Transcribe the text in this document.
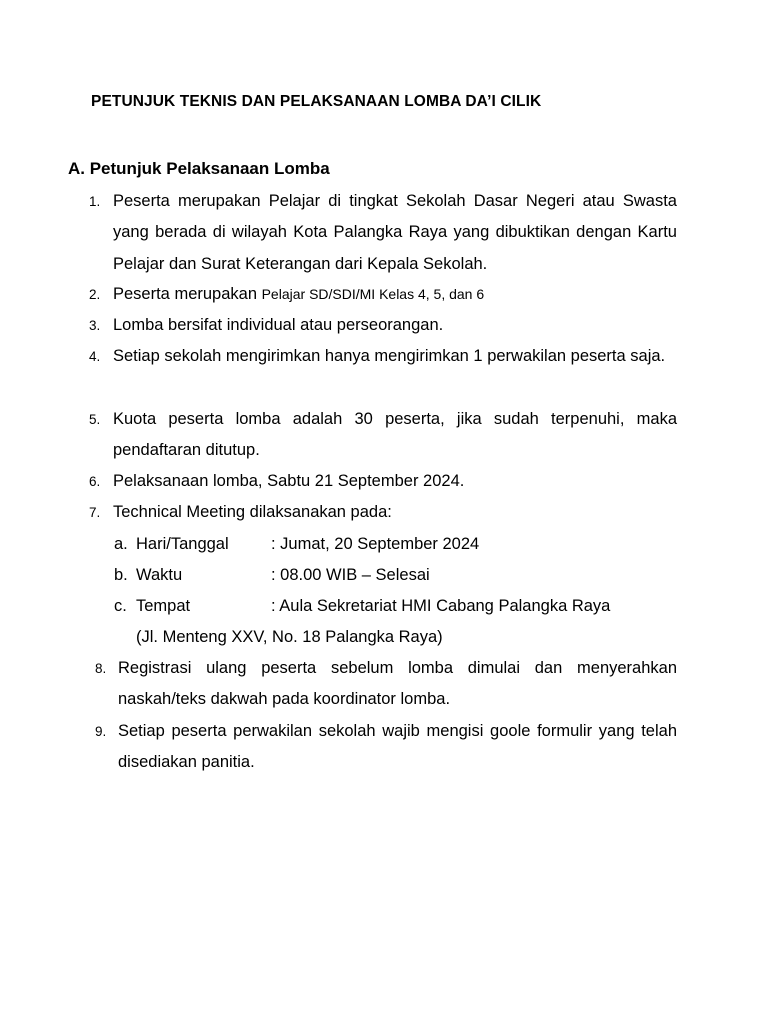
PETUNJUK TEKNIS DAN PELAKSANAAN LOMBA DA’I CILIK
A. Petunjuk Pelaksanaan Lomba
1. Peserta merupakan Pelajar di tingkat Sekolah Dasar Negeri atau Swasta yang berada di wilayah Kota Palangka Raya yang dibuktikan dengan Kartu Pelajar dan Surat Keterangan dari Kepala Sekolah.
2. Peserta merupakan Pelajar SD/SDI/MI Kelas 4, 5, dan 6
3. Lomba bersifat individual atau perseorangan.
4. Setiap sekolah mengirimkan hanya mengirimkan 1 perwakilan peserta saja.
5. Kuota peserta lomba adalah 30 peserta, jika sudah terpenuhi, maka pendaftaran ditutup.
6. Pelaksanaan lomba, Sabtu 21 September 2024.
7. Technical Meeting dilaksanakan pada:
a. Hari/Tanggal	: Jumat, 20 September 2024
b. Waktu	: 08.00 WIB – Selesai
c. Tempat	: Aula Sekretariat HMI Cabang Palangka Raya
(Jl. Menteng XXV, No. 18 Palangka Raya)
8. Registrasi ulang peserta sebelum lomba dimulai dan menyerahkan naskah/teks dakwah pada koordinator lomba.
9. Setiap peserta perwakilan sekolah wajib mengisi goole formulir yang telah disediakan panitia.
